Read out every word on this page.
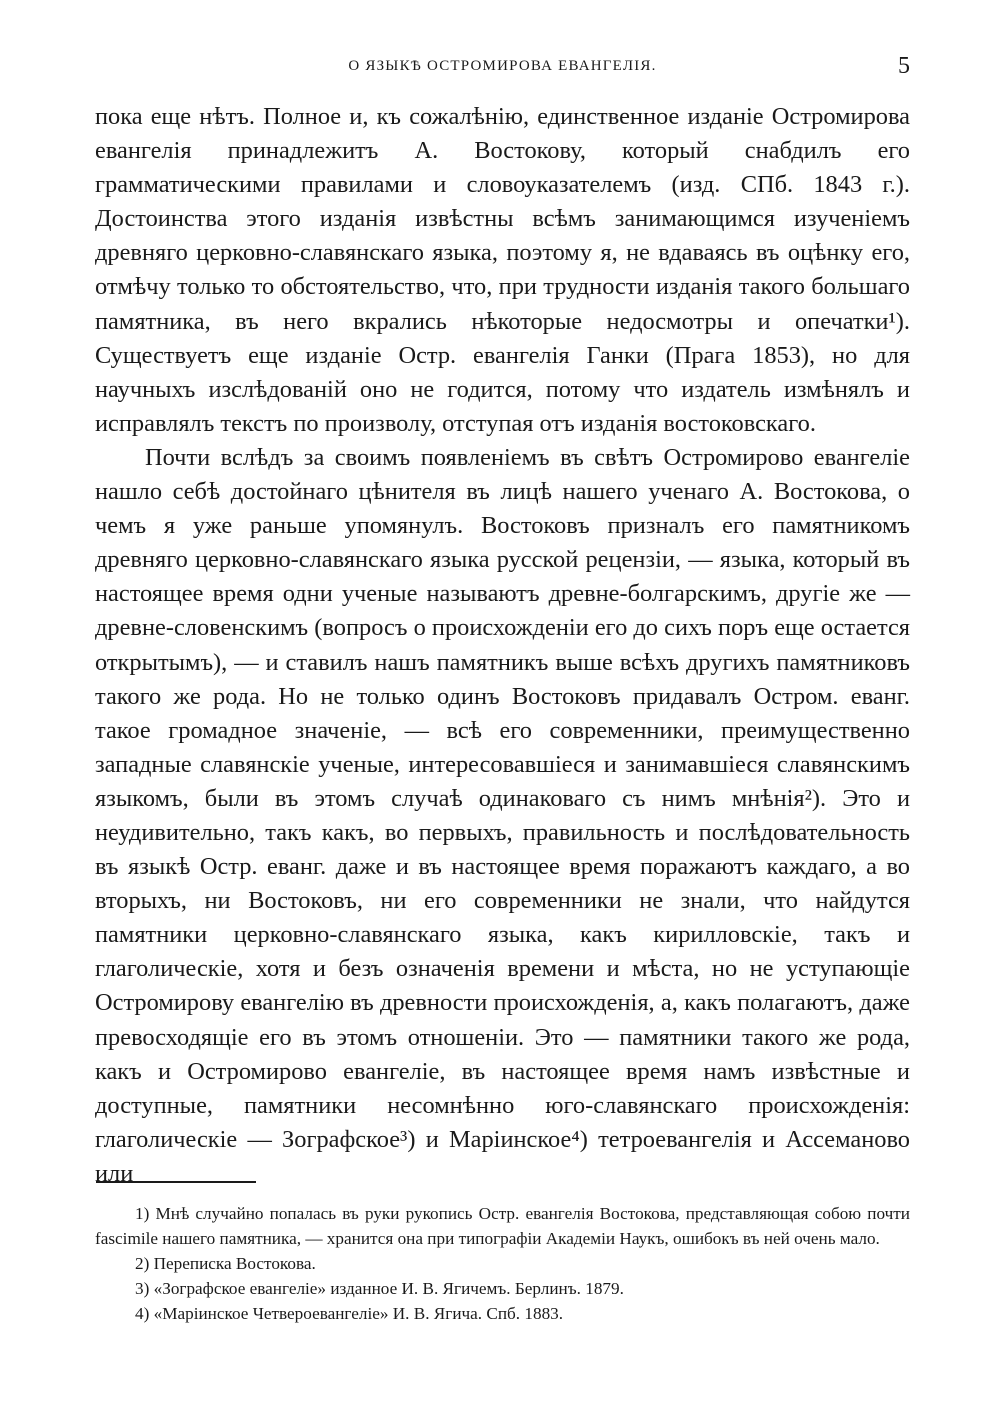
О ЯЗЫКѢ ОСТРОМИРОВА ЕВАНГЕЛІЯ.	5

пока еще нѣтъ. Полное и, къ сожалѣнію, единственное изданіе Остромирова евангелія принадлежитъ А. Востокову, который снабдилъ его грамматическими правилами и словоуказателемъ (изд. СПб. 1843 г.). Достоинства этого изданія извѣстны всѣмъ занимающимся изученіемъ древняго церковно-славянскаго языка, поэтому я, не вдаваясь въ оцѣнку его, отмѣчу только то обстоятельство, что, при трудности изданія такого большаго памятника, въ него вкрались нѣкоторые недосмотры и опечатки¹). Существуетъ еще изданіе Остр. евангелія Ганки (Прага 1853), но для научныхъ изслѣдованій оно не годится, потому что издатель измѣнялъ и исправлялъ текстъ по произволу, отступая отъ изданія востоковскаго.

Почти вслѣдъ за своимъ появленіемъ въ свѣтъ Остромирово евангеліе нашло себѣ достойнаго цѣнителя въ лицѣ нашего ученаго А. Востокова, о чемъ я уже раньше упомянулъ. Востоковъ призналъ его памятникомъ древняго церковно-славянскаго языка русской рецензіи, — языка, который въ настоящее время одни ученые называютъ древне-болгарскимъ, другіе же — древне-словенскимъ (вопросъ о происхожденіи его до сихъ поръ еще остается открытымъ), — и ставилъ нашъ памятникъ выше всѣхъ другихъ памятниковъ такого же рода. Но не только одинъ Востоковъ придавалъ Остром. еванг. такое громадное значеніе, — всѣ его современники, преимущественно западные славянскіе ученые, интересовавшіеся и занимавшіеся славянскимъ языкомъ, были въ этомъ случаѣ одинаковаго съ нимъ мнѣнія²). Это и неудивительно, такъ какъ, во первыхъ, правильность и послѣдовательность въ языкѣ Остр. еванг. даже и въ настоящее время поражаютъ каждаго, а во вторыхъ, ни Востоковъ, ни его современники не знали, что найдутся памятники церковно-славянскаго языка, какъ кирилловскіе, такъ и глаголическіе, хотя и безъ означенія времени и мѣста, но не уступающіе Остромирову евангелію въ древности происхожденія, а, какъ полагаютъ, даже превосходящіе его въ этомъ отношеніи. Это — памятники такого же рода, какъ и Остромирово евангеліе, въ настоящее время намъ извѣстные и доступные, памятники несомнѣнно юго-славянскаго происхожденія: глаголическіе — Зографское³) и Маріинское⁴) тетроевангелія и Ассеманово или

1) Мнѣ случайно попалась въ руки рукопись Остр. евангелія Востокова, представляющая собою почти fascimile нашего памятника, — хранится она при типографіи Академіи Наукъ, ошибокъ въ ней очень мало.

2) Переписка Востокова.

3) «Зографское евангеліе» изданное И. В. Ягичемъ. Берлинъ. 1879.

4) «Маріинское Четвероевангеліе» И. В. Ягича. Спб. 1883.
